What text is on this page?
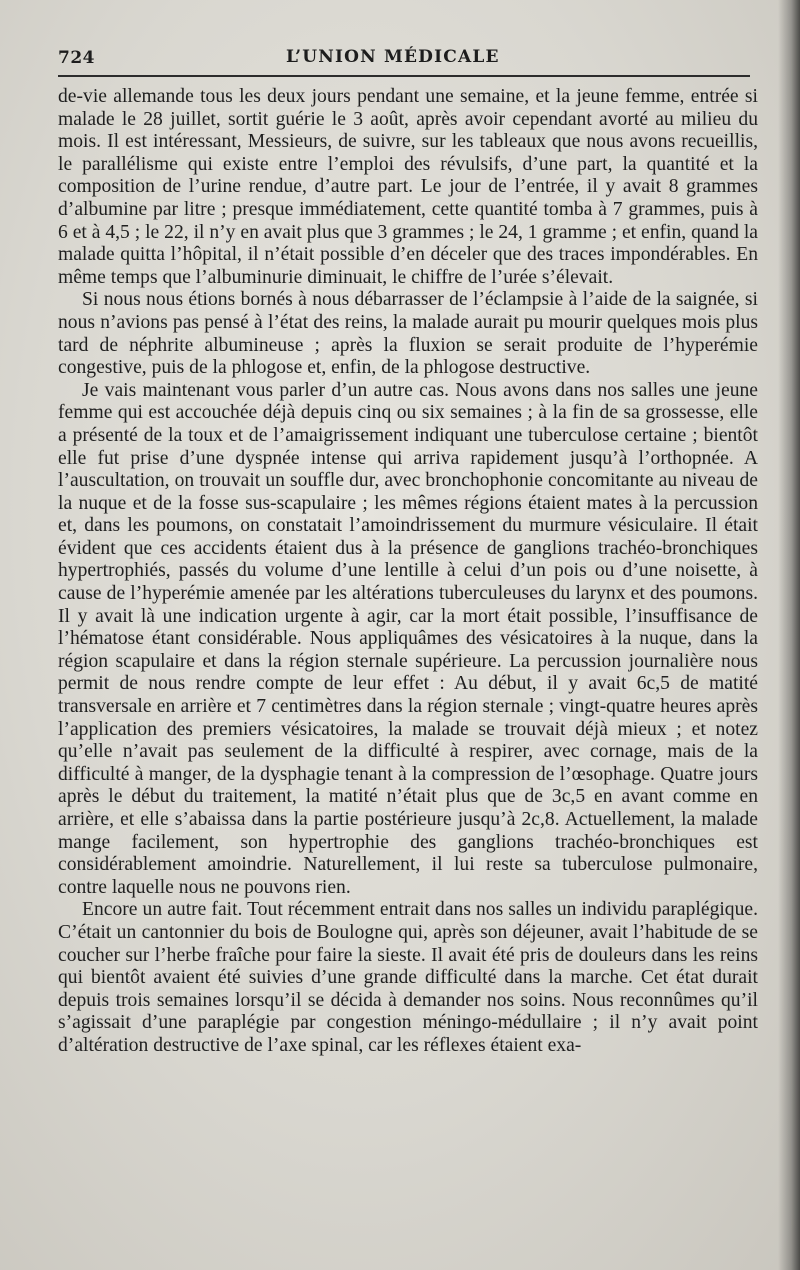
724	L’UNION MÉDICALE

de-vie allemande tous les deux jours pendant une semaine, et la jeune femme, entrée si malade le 28 juillet, sortit guérie le 3 août, après avoir cependant avorté au milieu du mois. Il est intéressant, Messieurs, de suivre, sur les tableaux que nous avons recueillis, le parallélisme qui existe entre l’emploi des révulsifs, d’une part, la quantité et la composition de l’urine rendue, d’autre part. Le jour de l’entrée, il y avait 8 grammes d’albumine par litre ; presque immédiatement, cette quantité tomba à 7 grammes, puis à 6 et à 4,5 ; le 22, il n’y en avait plus que 3 grammes ; le 24, 1 gramme ; et enfin, quand la malade quitta l’hôpital, il n’était possible d’en déceler que des traces impondérables. En même temps que l’albuminurie diminuait, le chiffre de l’urée s’élevait.

Si nous nous étions bornés à nous débarrasser de l’éclampsie à l’aide de la saignée, si nous n’avions pas pensé à l’état des reins, la malade aurait pu mourir quelques mois plus tard de néphrite albumineuse ; après la fluxion se serait produite de l’hyperémie congestive, puis de la phlogose et, enfin, de la phlogose destructive.

Je vais maintenant vous parler d’un autre cas. Nous avons dans nos salles une jeune femme qui est accouchée déjà depuis cinq ou six semaines ; à la fin de sa grossesse, elle a présenté de la toux et de l’amaigrissement indiquant une tuberculose certaine ; bientôt elle fut prise d’une dyspnée intense qui arriva rapidement jusqu’à l’orthopnée. A l’auscultation, on trouvait un souffle dur, avec bronchophonie concomitante au niveau de la nuque et de la fosse sus-scapulaire ; les mêmes régions étaient mates à la percussion et, dans les poumons, on constatait l’amoindrissement du murmure vésiculaire. Il était évident que ces accidents étaient dus à la présence de ganglions trachéo-bronchiques hypertrophiés, passés du volume d’une lentille à celui d’un pois ou d’une noisette, à cause de l’hyperémie amenée par les altérations tuberculeuses du larynx et des poumons. Il y avait là une indication urgente à agir, car la mort était possible, l’insuffisance de l’hématose étant considérable. Nous appliquâmes des vésicatoires à la nuque, dans la région scapulaire et dans la région sternale supérieure. La percussion journalière nous permit de nous rendre compte de leur effet : Au début, il y avait 6c,5 de matité transversale en arrière et 7 centimètres dans la région sternale ; vingt-quatre heures après l’application des premiers vésicatoires, la malade se trouvait déjà mieux ; et notez qu’elle n’avait pas seulement de la difficulté à respirer, avec cornage, mais de la difficulté à manger, de la dysphagie tenant à la compression de l’œsophage. Quatre jours après le début du traitement, la matité n’était plus que de 3c,5 en avant comme en arrière, et elle s’abaissa dans la partie postérieure jusqu’à 2c,8. Actuellement, la malade mange facilement, son hypertrophie des ganglions trachéo-bronchiques est considérablement amoindrie. Naturellement, il lui reste sa tuberculose pulmonaire, contre laquelle nous ne pouvons rien.

Encore un autre fait. Tout récemment entrait dans nos salles un individu paraplégique. C’était un cantonnier du bois de Boulogne qui, après son déjeuner, avait l’habitude de se coucher sur l’herbe fraîche pour faire la sieste. Il avait été pris de douleurs dans les reins qui bientôt avaient été suivies d’une grande difficulté dans la marche. Cet état durait depuis trois semaines lorsqu’il se décida à demander nos soins. Nous reconnûmes qu’il s’agissait d’une paraplégie par congestion méningo-médullaire ; il n’y avait point d’altération destructive de l’axe spinal, car les réflexes étaient exa-
